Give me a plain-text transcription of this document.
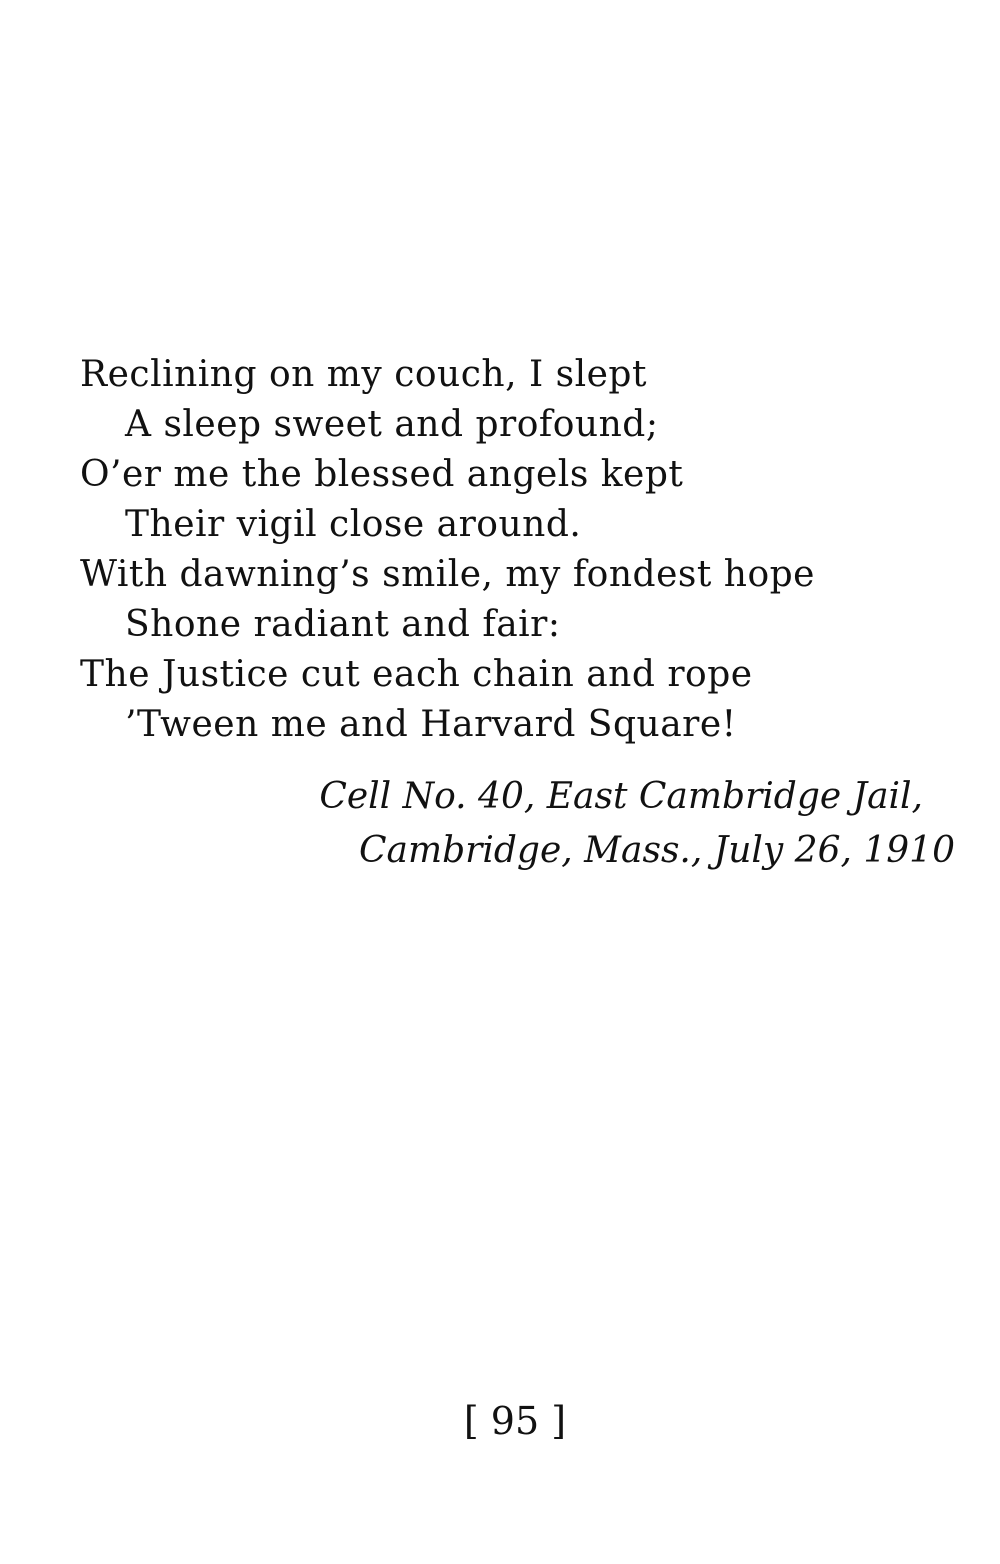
Reclining on my couch, I slept
A sleep sweet and profound;
O’er me the blessed angels kept
Their vigil close around.
With dawning’s smile, my fondest hope
Shone radiant and fair:
The Justice cut each chain and rope
’Tween me and Harvard Square!
Cell No. 40, East Cambridge Jail,
Cambridge, Mass., July 26, 1910
[ 95 ]
